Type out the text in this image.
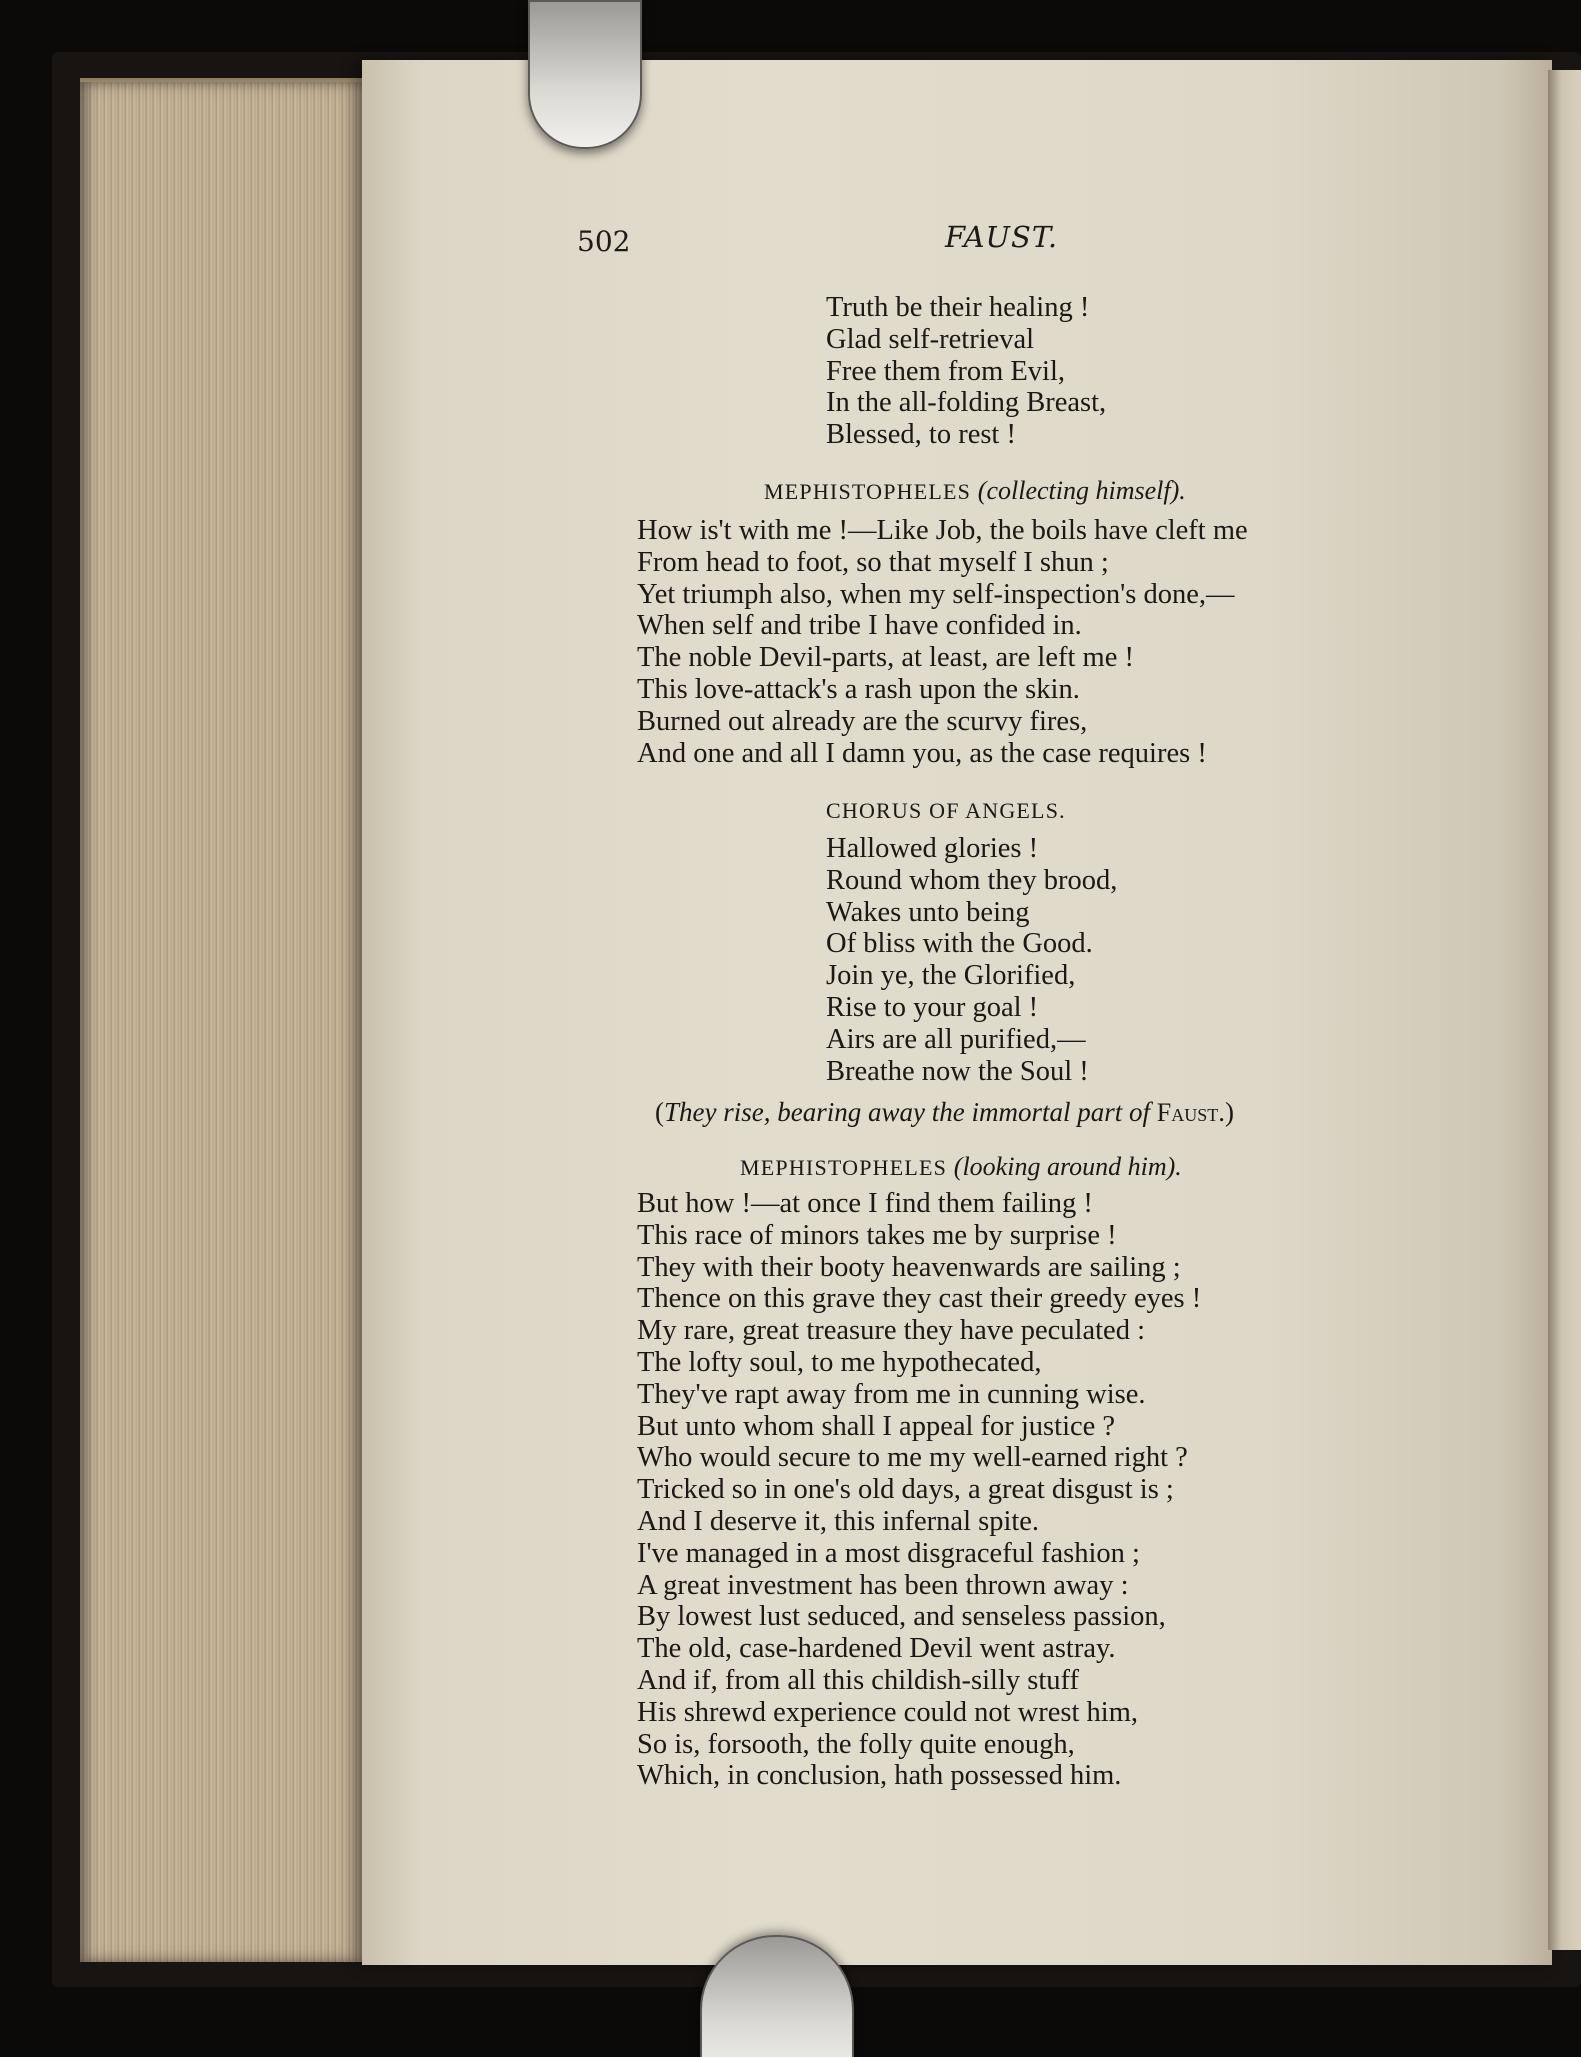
502	FAUST.
Truth be their healing !
Glad self-retrieval
Free them from Evil,
In the all-folding Breast,
Blessed, to rest !
MEPHISTOPHELES (collecting himself).
How is't with me !—Like Job, the boils have cleft me
From head to foot, so that myself I shun ;
Yet triumph also, when my self-inspection's done,—
When self and tribe I have confided in.
The noble Devil-parts, at least, are left me !
This love-attack's a rash upon the skin.
Burned out already are the scurvy fires,
And one and all I damn you, as the case requires !
CHORUS OF ANGELS.
Hallowed glories !
Round whom they brood,
Wakes unto being
Of bliss with the Good.
Join ye, the Glorified,
Rise to your goal !
Airs are all purified,—
Breathe now the Soul !
(They rise, bearing away the immortal part of Faust.)
MEPHISTOPHELES (looking around him).
But how !—at once I find them failing !
This race of minors takes me by surprise !
They with their booty heavenwards are sailing ;
Thence on this grave they cast their greedy eyes !
My rare, great treasure they have peculated :
The lofty soul, to me hypothecated,
They've rapt away from me in cunning wise.
But unto whom shall I appeal for justice ?
Who would secure to me my well-earned right ?
Tricked so in one's old days, a great disgust is ;
And I deserve it, this infernal spite.
I've managed in a most disgraceful fashion ;
A great investment has been thrown away :
By lowest lust seduced, and senseless passion,
The old, case-hardened Devil went astray.
And if, from all this childish-silly stuff
His shrewd experience could not wrest him,
So is, forsooth, the folly quite enough,
Which, in conclusion, hath possessed him.
